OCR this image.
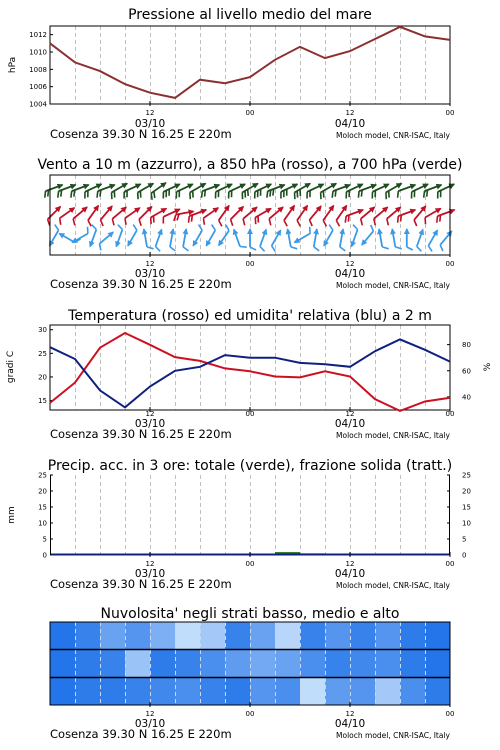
Pressione al livello medio del mare
hPa
1012
1010
1008
1006
1004
12	00	12	00
Vento a 10 m (azzurro), a 850 hPa (rosso), a 700 hPa (verde)
12	00	12	00
Temperatura (rosso) ed umidita' relativa (blu) a 2 m
gradi C	%
30
25
20
15
80
60
40
12	00	12	00
Precip. acc. in 3 ore: totale (verde), frazione solida (tratt.)
mm
25
20
15
10
5
0
25
20
15
10
5
0
12	00	12	00
Nuvolosita' negli strati basso, medio e alto
12	00	12	00
03/10	04/10
Cosenza 39.30 N 16.25 E 220m	Moloch model, CNR-ISAC, Italy
03/10	04/10
Cosenza 39.30 N 16.25 E 220m	Moloch model, CNR-ISAC, Italy
03/10	04/10
Cosenza 39.30 N 16.25 E 220m	Moloch model, CNR-ISAC, Italy
03/10	04/10
Cosenza 39.30 N 16.25 E 220m	Moloch model, CNR-ISAC, Italy
03/10	04/10
Cosenza 39.30 N 16.25 E 220m	Moloch model, CNR-ISAC, Italy
